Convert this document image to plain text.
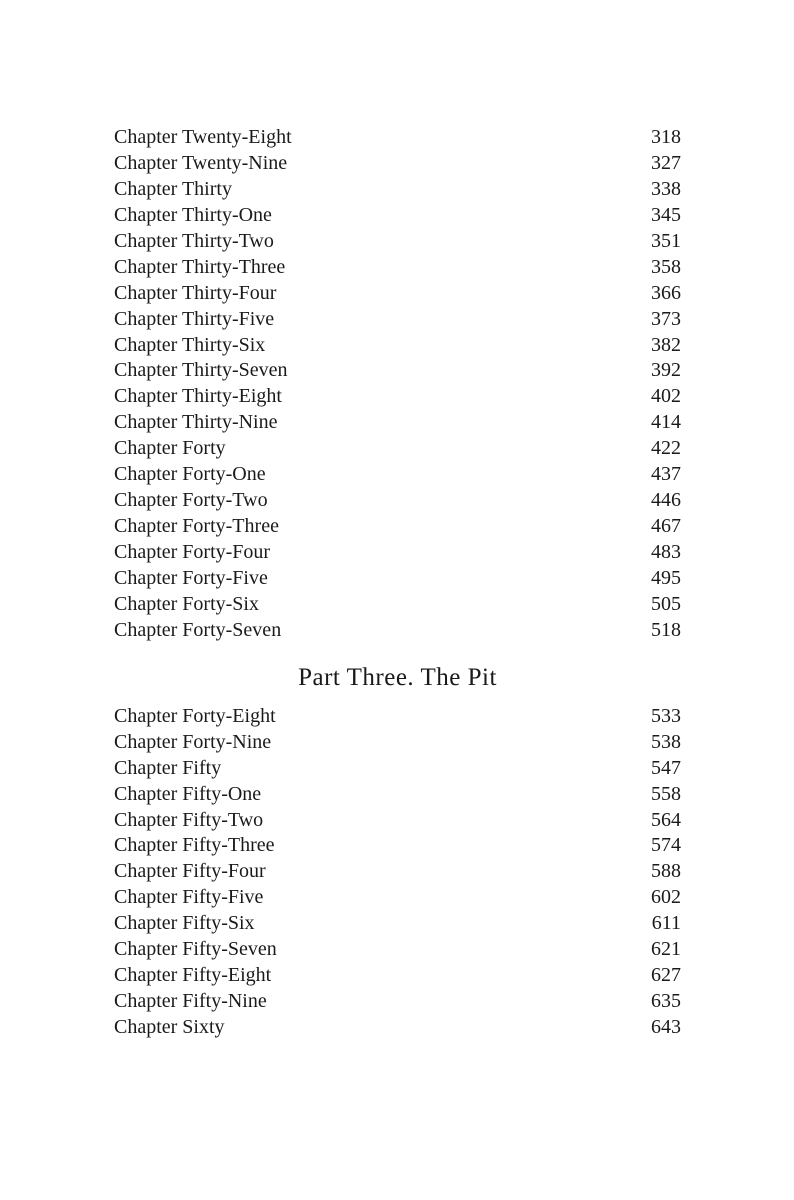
Chapter Twenty-Eight	318
Chapter Twenty-Nine	327
Chapter Thirty	338
Chapter Thirty-One	345
Chapter Thirty-Two	351
Chapter Thirty-Three	358
Chapter Thirty-Four	366
Chapter Thirty-Five	373
Chapter Thirty-Six	382
Chapter Thirty-Seven	392
Chapter Thirty-Eight	402
Chapter Thirty-Nine	414
Chapter Forty	422
Chapter Forty-One	437
Chapter Forty-Two	446
Chapter Forty-Three	467
Chapter Forty-Four	483
Chapter Forty-Five	495
Chapter Forty-Six	505
Chapter Forty-Seven	518
Part Three. The Pit
Chapter Forty-Eight	533
Chapter Forty-Nine	538
Chapter Fifty	547
Chapter Fifty-One	558
Chapter Fifty-Two	564
Chapter Fifty-Three	574
Chapter Fifty-Four	588
Chapter Fifty-Five	602
Chapter Fifty-Six	611
Chapter Fifty-Seven	621
Chapter Fifty-Eight	627
Chapter Fifty-Nine	635
Chapter Sixty	643
